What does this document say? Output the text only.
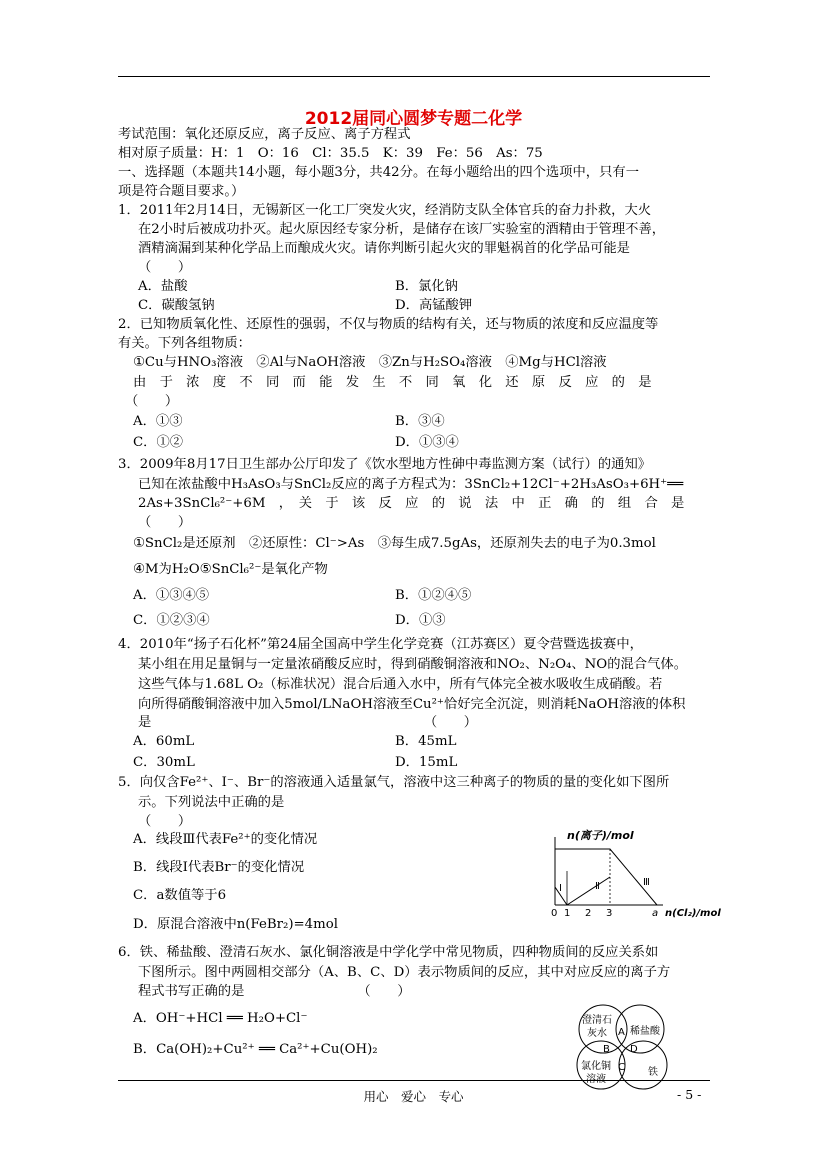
2012届同心圆梦专题二化学
考试范围：氧化还原反应，离子反应、离子方程式
相对原子质量：H：1　O：16　Cl：35.5　K：39　Fe：56　As：75
一、选择题（本题共14小题，每小题3分，共42分。在每小题给出的四个选项中，只有一
项是符合题目要求。）
1．2011年2月14日，无锡新区一化工厂突发火灾，经消防支队全体官兵的奋力扑救，大火
在2小时后被成功扑灭。起火原因经专家分析，是储存在该厂实验室的酒精由于管理不善，
酒精滴漏到某种化学品上而酿成火灾。请你判断引起火灾的罪魁祸首的化学品可能是
（　　）
A．盐酸	B．氯化钠
C．碳酸氢钠	D．高锰酸钾
2．已知物质氧化性、还原性的强弱，不仅与物质的结构有关，还与物质的浓度和反应温度等
有关。下列各组物质：
①Cu与HNO₃溶液　②Al与NaOH溶液　③Zn与H₂SO₄溶液　④Mg与HCl溶液
由　于　浓　度　不　同　而　能　发　生　不　同　氧　化　还　原　反　应　的　是
（　　）
A．①③	B．③④
C．①②	D．①③④
3．2009年8月17日卫生部办公厅印发了《饮水型地方性砷中毒监测方案（试行）的通知》
已知在浓盐酸中H₃AsO₃与SnCl₂反应的离子方程式为：3SnCl₂+12Cl⁻+2H₃AsO₃+6H⁺══
2As+3SnCl₆²⁻+6M　，　关　于　该　反　应　的　说　法　中　正　确　的　组　合　是
（　　）
①SnCl₂是还原剂　②还原性：Cl⁻>As　③每生成7.5gAs，还原剂失去的电子为0.3mol
④M为H₂O⑤SnCl₆²⁻是氧化产物
A．①③④⑤	B．①②④⑤
C．①②③④	D．①③
4．2010年“扬子石化杯”第24届全国高中学生化学竞赛（江苏赛区）夏令营暨选拔赛中，
某小组在用足量铜与一定量浓硝酸反应时，得到硝酸铜溶液和NO₂、N₂O₄、NO的混合气体。
这些气体与1.68L O₂（标准状况）混合后通入水中，所有气体完全被水吸收生成硝酸。若
向所得硝酸铜溶液中加入5mol/LNaOH溶液至Cu²⁺恰好完全沉淀，则消耗NaOH溶液的体积
是　　　　　　　　　　　　　　　　　　　　　（　　）
A．60mL	B．45mL
C．30mL	D．15mL
5．向仅含Fe²⁺、I⁻、Br⁻的溶液通入适量氯气，溶液中这三种离子的物质的量的变化如下图所
示。下列说法中正确的是
（　　）
A．线段Ⅲ代表Fe²⁺的变化情况
B．线段Ⅰ代表Br⁻的变化情况
C．a数值等于6
D．原混合溶液中n(FeBr₂)=4mol
n(离子)/mol
Ⅰ	Ⅱ	Ⅲ
0 1 2 3	a n(Cl₂)/mol
6．铁、稀盐酸、澄清石灰水、氯化铜溶液是中学化学中常见物质，四种物质间的反应关系如
下图所示。图中两圆相交部分（A、B、C、D）表示物质间的反应，其中对应反应的离子方
程式书写正确的是　　　　　　　　　（　　）
A．OH⁻+HCl ══ H₂O+Cl⁻
B．Ca(OH)₂+Cu²⁺ ══ Ca²⁺+Cu(OH)₂
澄清石
灰水 稀盐酸
氯化铜
溶液
铁
A
B
C
D
用心　爱心　专心	- 5 -
